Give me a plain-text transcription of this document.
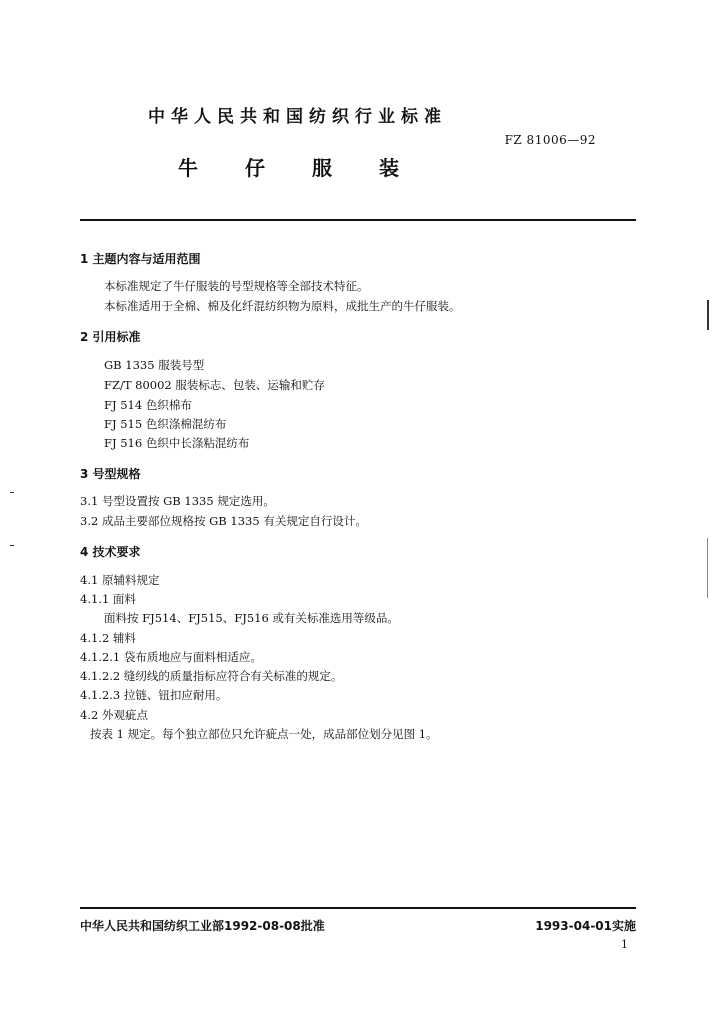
中华人民共和国纺织行业标准
FZ 81006—92
牛 仔 服 装
1 主题内容与适用范围
本标准规定了牛仔服装的号型规格等全部技术特征。
本标准适用于全棉、棉及化纤混纺织物为原料，成批生产的牛仔服装。
2 引用标准
GB 1335 服装号型
FZ/T 80002 服装标志、包装、运输和贮存
FJ 514 色织棉布
FJ 515 色织涤棉混纺布
FJ 516 色织中长涤粘混纺布
3 号型规格
3.1 号型设置按 GB 1335 规定选用。
3.2 成品主要部位规格按 GB 1335 有关规定自行设计。
4 技术要求
4.1 原辅料规定
4.1.1 面料
面料按 FJ514、FJ515、FJ516 或有关标准选用等级品。
4.1.2 辅料
4.1.2.1 袋布质地应与面料相适应。
4.1.2.2 缝纫线的质量指标应符合有关标准的规定。
4.1.2.3 拉链、钮扣应耐用。
4.2 外观疵点
按表 1 规定。每个独立部位只允许疵点一处，成品部位划分见图 1。
中华人民共和国纺织工业部1992-08-08批准	1993-04-01实施
1
